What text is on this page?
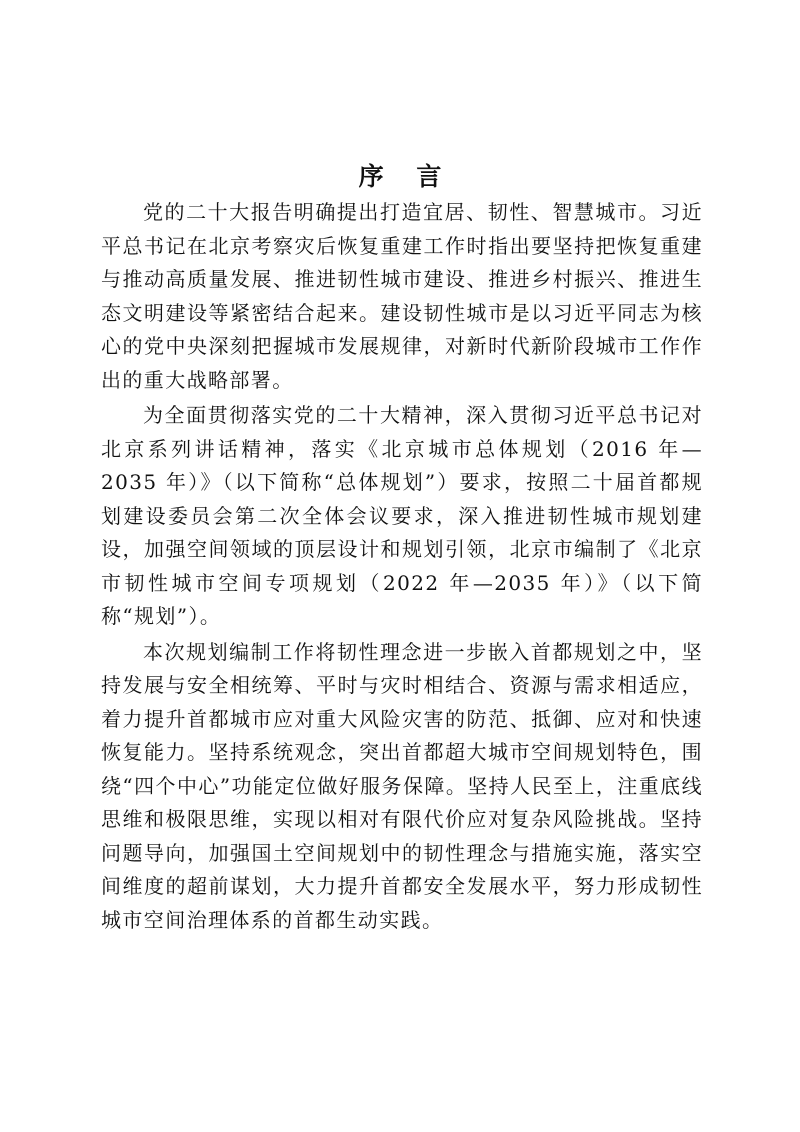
序 言

党的二十大报告明确提出打造宜居、韧性、智慧城市。习近平总书记在北京考察灾后恢复重建工作时指出要坚持把恢复重建与推动高质量发展、推进韧性城市建设、推进乡村振兴、推进生态文明建设等紧密结合起来。建设韧性城市是以习近平同志为核心的党中央深刻把握城市发展规律，对新时代新阶段城市工作作出的重大战略部署。

为全面贯彻落实党的二十大精神，深入贯彻习近平总书记对北京系列讲话精神，落实《北京城市总体规划（2016 年—2035 年）》（以下简称“总体规划”）要求，按照二十届首都规划建设委员会第二次全体会议要求，深入推进韧性城市规划建设，加强空间领域的顶层设计和规划引领，北京市编制了《北京市韧性城市空间专项规划（2022 年—2035 年）》（以下简称“规划”）。

本次规划编制工作将韧性理念进一步嵌入首都规划之中，坚持发展与安全相统筹、平时与灾时相结合、资源与需求相适应，着力提升首都城市应对重大风险灾害的防范、抵御、应对和快速恢复能力。坚持系统观念，突出首都超大城市空间规划特色，围绕“四个中心”功能定位做好服务保障。坚持人民至上，注重底线思维和极限思维，实现以相对有限代价应对复杂风险挑战。坚持问题导向，加强国土空间规划中的韧性理念与措施实施，落实空间维度的超前谋划，大力提升首都安全发展水平，努力形成韧性城市空间治理体系的首都生动实践。
